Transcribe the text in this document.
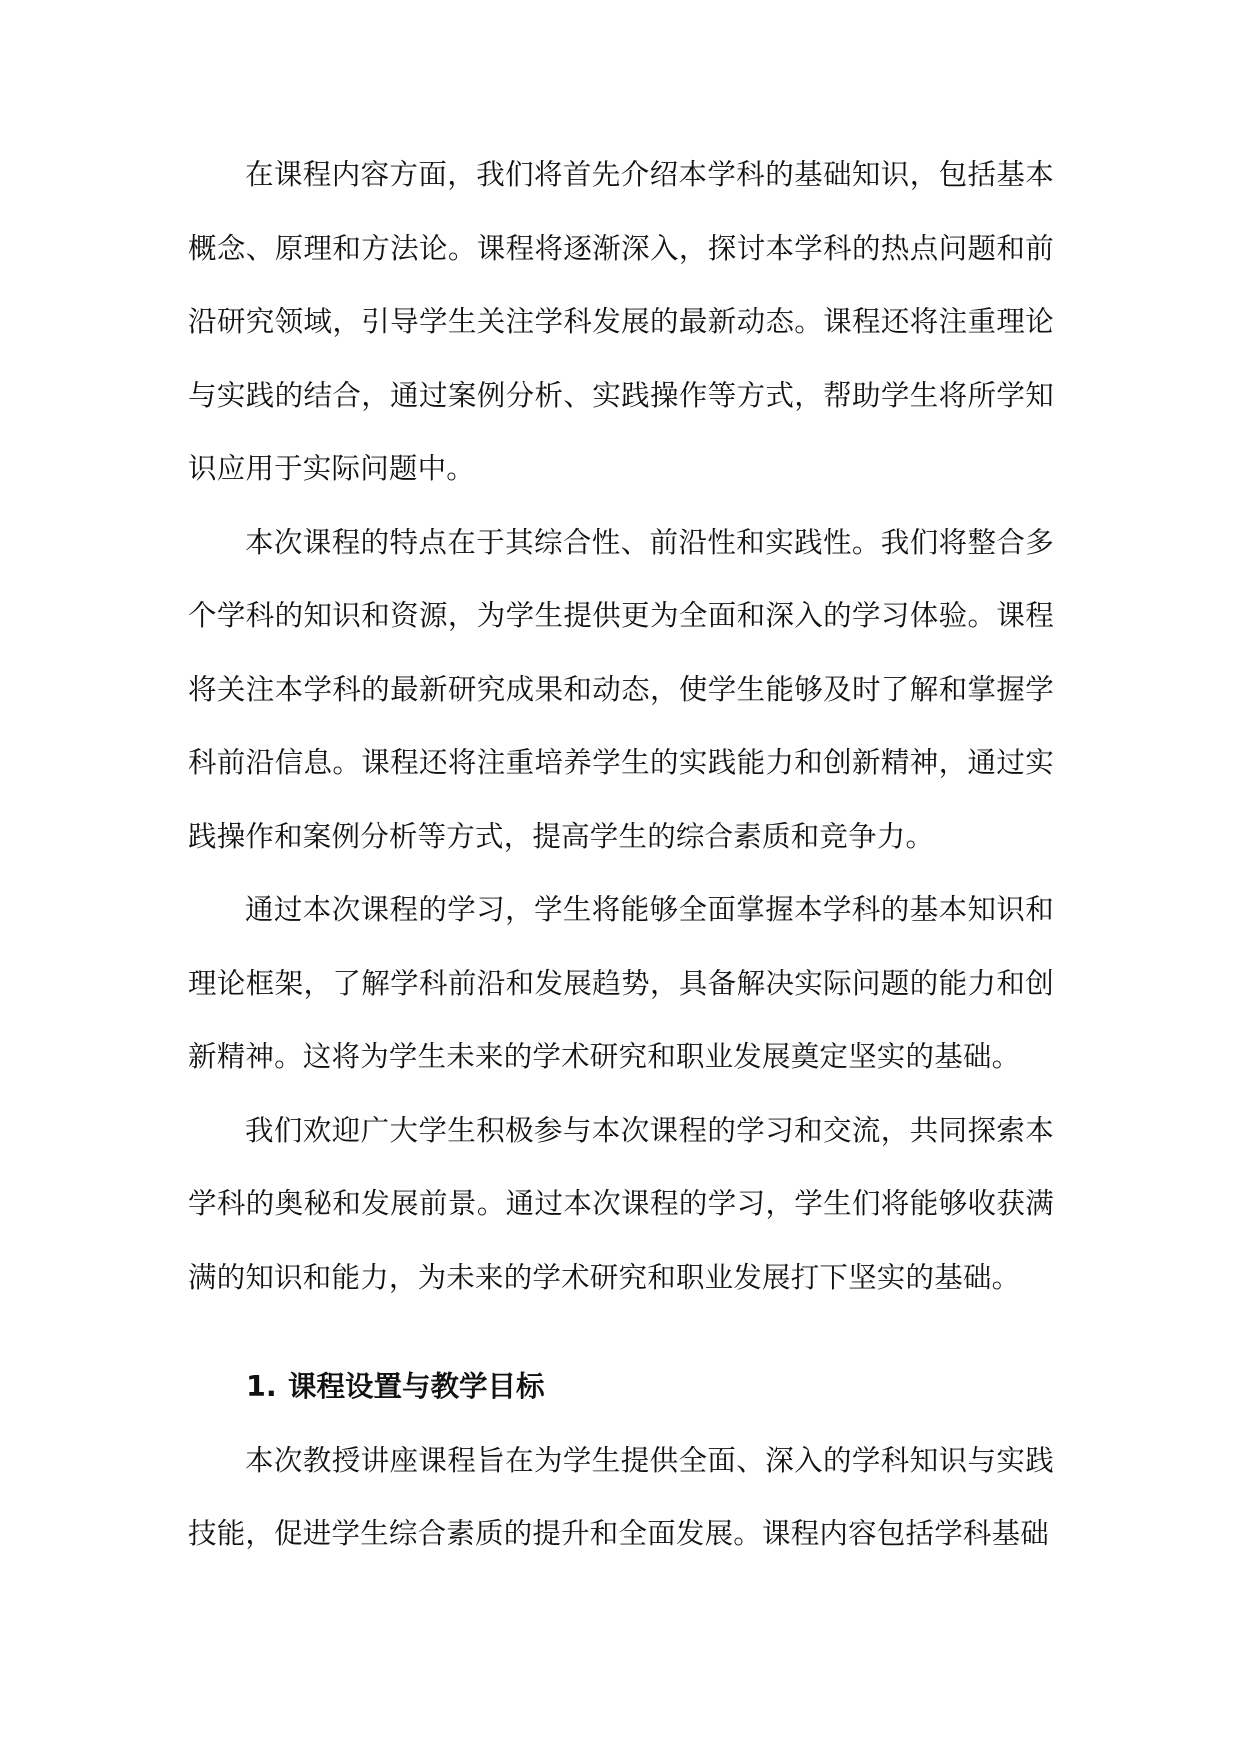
在课程内容方面，我们将首先介绍本学科的基础知识，包括基本概念、原理和方法论。课程将逐渐深入，探讨本学科的热点问题和前沿研究领域，引导学生关注学科发展的最新动态。课程还将注重理论与实践的结合，通过案例分析、实践操作等方式，帮助学生将所学知识应用于实际问题中。

本次课程的特点在于其综合性、前沿性和实践性。我们将整合多个学科的知识和资源，为学生提供更为全面和深入的学习体验。课程将关注本学科的最新研究成果和动态，使学生能够及时了解和掌握学科前沿信息。课程还将注重培养学生的实践能力和创新精神，通过实践操作和案例分析等方式，提高学生的综合素质和竞争力。

通过本次课程的学习，学生将能够全面掌握本学科的基本知识和理论框架，了解学科前沿和发展趋势，具备解决实际问题的能力和创新精神。这将为学生未来的学术研究和职业发展奠定坚实的基础。

我们欢迎广大学生积极参与本次课程的学习和交流，共同探索本学科的奥秘和发展前景。通过本次课程的学习，学生们将能够收获满满的知识和能力，为未来的学术研究和职业发展打下坚实的基础。

1. 课程设置与教学目标

本次教授讲座课程旨在为学生提供全面、深入的学科知识与实践技能，促进学生综合素质的提升和全面发展。课程内容包括学科基础
